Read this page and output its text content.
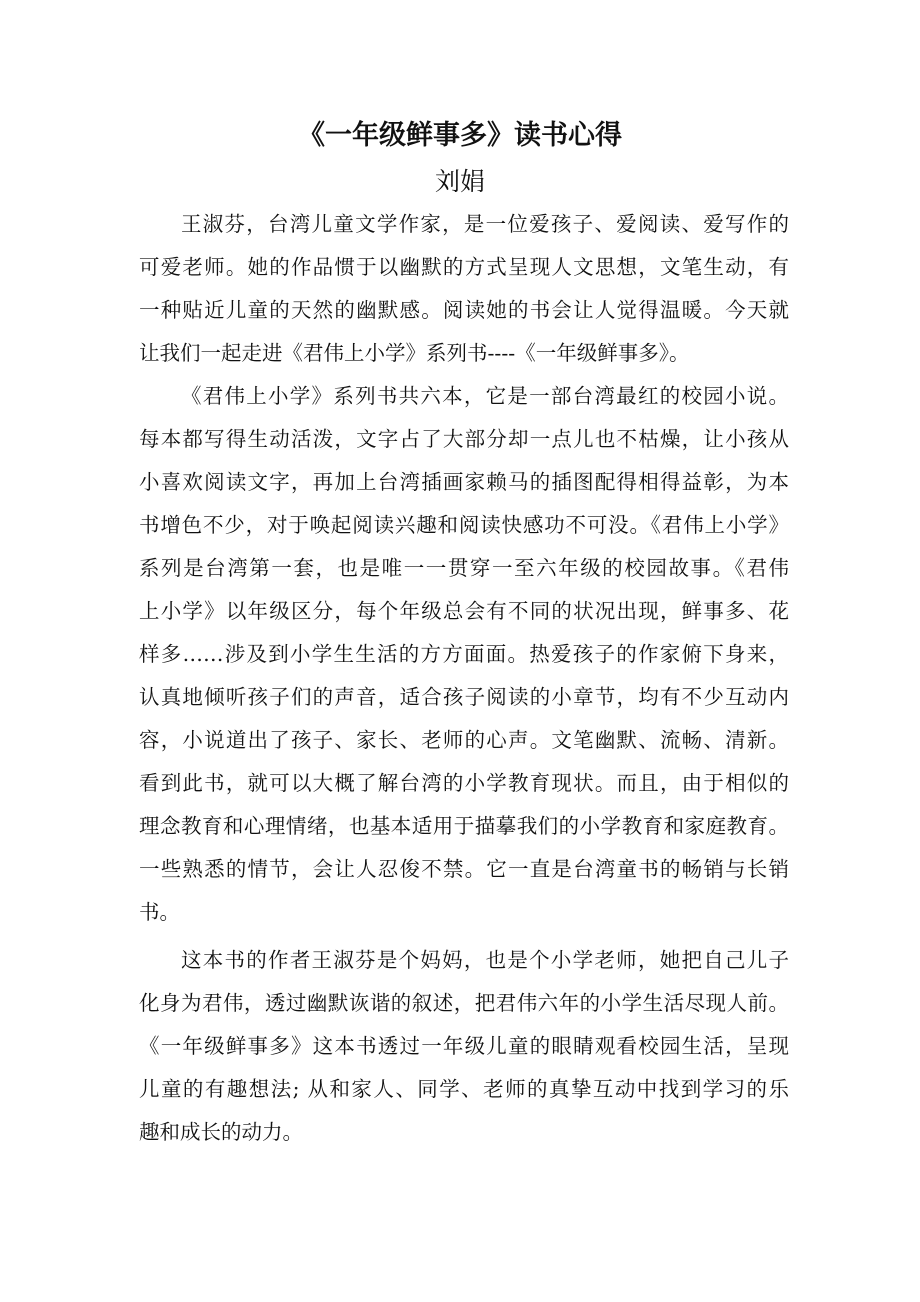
《一年级鲜事多》读书心得
刘娟

王淑芬，台湾儿童文学作家，是一位爱孩子、爱阅读、爱写作的

可爱老师。她的作品惯于以幽默的方式呈现人文思想，文笔生动，有

一种贴近儿童的天然的幽默感。阅读她的书会让人觉得温暖。今天就

让我们一起走进《君伟上小学》系列书----《一年级鲜事多》。

《君伟上小学》系列书共六本，它是一部台湾最红的校园小说。

每本都写得生动活泼，文字占了大部分却一点儿也不枯燥，让小孩从

小喜欢阅读文字，再加上台湾插画家赖马的插图配得相得益彰，为本

书增色不少，对于唤起阅读兴趣和阅读快感功不可没。《君伟上小学》

系列是台湾第一套，也是唯一一贯穿一至六年级的校园故事。《君伟

上小学》以年级区分，每个年级总会有不同的状况出现，鲜事多、花

样多……涉及到小学生生活的方方面面。热爱孩子的作家俯下身来，

认真地倾听孩子们的声音，适合孩子阅读的小章节，均有不少互动内

容，小说道出了孩子、家长、老师的心声。文笔幽默、流畅、清新。

看到此书，就可以大概了解台湾的小学教育现状。而且，由于相似的

理念教育和心理情绪，也基本适用于描摹我们的小学教育和家庭教育。

一些熟悉的情节，会让人忍俊不禁。它一直是台湾童书的畅销与长销

书。

这本书的作者王淑芬是个妈妈，也是个小学老师，她把自己儿子

化身为君伟，透过幽默诙谐的叙述，把君伟六年的小学生活尽现人前。

《一年级鲜事多》这本书透过一年级儿童的眼睛观看校园生活，呈现

儿童的有趣想法; 从和家人、同学、老师的真挚互动中找到学习的乐

趣和成长的动力。
